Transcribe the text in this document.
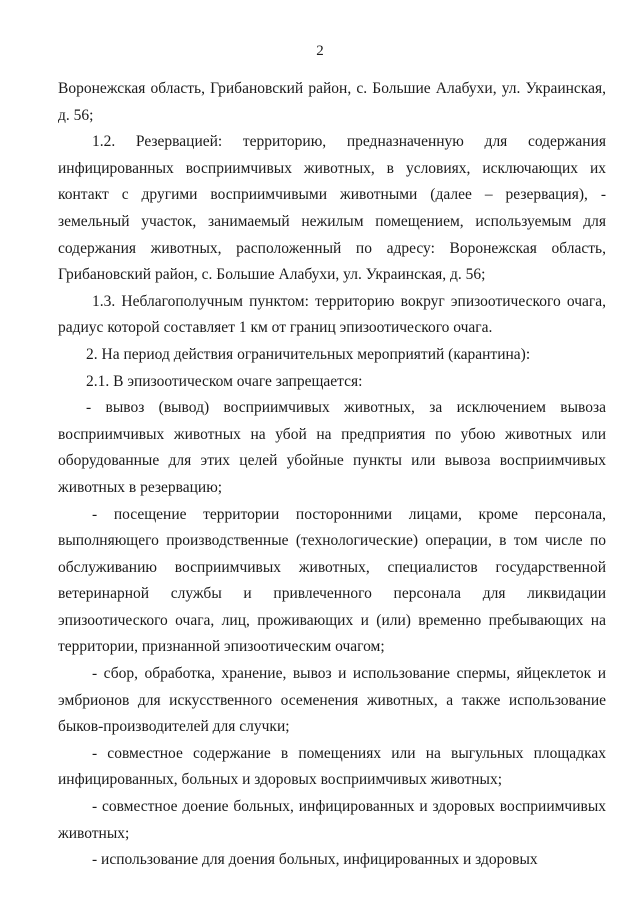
2

Воронежская область, Грибановский район, с. Большие Алабухи, ул. Украинская, д. 56;

1.2. Резервацией: территорию, предназначенную для содержания инфицированных восприимчивых животных, в условиях, исключающих их контакт с другими восприимчивыми животными (далее – резервация), - земельный участок, занимаемый нежилым помещением, используемым для содержания животных, расположенный по адресу: Воронежская область, Грибановский район, с. Большие Алабухи, ул. Украинская, д. 56;

1.3. Неблагополучным пунктом: территорию вокруг эпизоотического очага, радиус которой составляет 1 км от границ эпизоотического очага.

2. На период действия ограничительных мероприятий (карантина):

2.1. В эпизоотическом очаге запрещается:

- вывоз (вывод) восприимчивых животных, за исключением вывоза восприимчивых животных на убой на предприятия по убою животных или оборудованные для этих целей убойные пункты или вывоза восприимчивых животных в резервацию;

- посещение территории посторонними лицами, кроме персонала, выполняющего производственные (технологические) операции, в том числе по обслуживанию восприимчивых животных, специалистов государственной ветеринарной службы и привлеченного персонала для ликвидации эпизоотического очага, лиц, проживающих и (или) временно пребывающих на территории, признанной эпизоотическим очагом;

- сбор, обработка, хранение, вывоз и использование спермы, яйцеклеток и эмбрионов для искусственного осеменения животных, а также использование быков-производителей для случки;

- совместное содержание в помещениях или на выгульных площадках инфицированных, больных и здоровых восприимчивых животных;

- совместное доение больных, инфицированных и здоровых восприимчивых животных;

- использование для доения больных, инфицированных и здоровых
